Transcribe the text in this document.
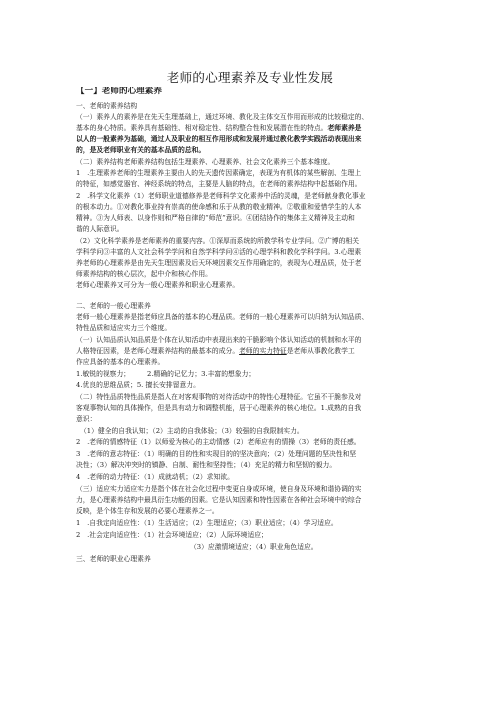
老师的心理素养及专业性发展
【一】老师的心理素养
一、老师的素养结构
（一）素养人的素养是在先天生理基础上，通过环境、教化及主体交互作用而形成的比较稳定的、
基本的身心特质。素养具有基础性、相对稳定性、结构整合性和发展潜在性的特点。老师素养是
以人的一般素养为基础，通过人及职业的相互作用形成和发展并通过教化教学实践活动表现出来
的，是及老师职业有关的基本品质的总和。
（二）素养结构老师素养结构包括生理素养、心理素养、社会文化素养三个基本维度。
1　.生理素养老师的生理素养主要由人的先天遗传因素确定，表现为有机体的某些解剖、生理上
的特征，如感觉器官、神经系统的特点，主要是人脑的特点，在老师的素养结构中起基础作用。
2　.科学文化素养（1）老师职业道德修养是老师科学文化素养中活的灵魂，是老师献身教化事业
的根本动力。①对教化事业持有崇高的使命感和乐于从教的敬业精神。②敬重和爱惜学生的人本
精神。③为人师表、以身作则和严格自律的“师范”意识。④团结协作的集体主义精神及主动和
谐的人际意识。
（2）文化科学素养是老师素养的重要内容。①深厚而系统的所教学科专业学问。②广博的相关
学科学问③丰富的人文社会科学学问和自然学科学问④活的心理学科和教化学科学问。3.心理素
养老师的心理素养是由先天生理因素及后天环境因素交互作用确定的，表现为心理品质，处于老
师素养结构的核心层次，起中介和核心作用。
老师心理素养又可分为一般心理素养和职业心理素养。
二、老师的一般心理素养
老师一般心理素养是指老师应具备的基本的心理品质。老师的一般心理素养可以归纳为认知品质、
特性品质和适应实力三个维度。
（一）认知品质认知品质是个体在认知活动中表现出来的干脆影响个体认知活动的机制和水平的
人格特征因素，是老师心理素养结构的最基本的成分。老师的实力特征是老师从事教化教学工
作应具备的基本的心理素养。
1.敏锐的视察力；　　　2.精确的记忆力；3.丰富的想象力；
4.优良的思维品质；5. 擅长安排留意力。
（二）特性品质特性品质是指人在对客观事物的对待活动中的特性心理特征。它虽不干脆参及对
客观事物认知的具体操作，但是具有动力和调整机能，居于心理素养的核心地位。1.成熟的自我
意识：
（1）健全的自我认知；（2）主动的自我体验；（3）较强的自我限制实力。
2　.老师的情感特征（1）以师爱为核心的主动情感（2）老师应有的情操（3）老师的责任感。
3　.老师的意志特征：（1）明确的目的性和实现目的的坚决意向；（2）处理问题的坚决性和坚
决性；（3）解决冲突时的镇静、自制、耐性和坚持性；（4）充足的精力和坚韧的毅力。
4　.老师的动力特征：（1）成就动机；（2）求知欲。
（三）适应实力适应实力是指个体在社会化过程中变更自身或环境，使自身及环境和谐协调的实
力，是心理素养结构中最具衍生功能的因素。它是认知因素和特性因素在各种社会环境中的综合
反映，是个体生存和发展的必要心理素养之一。
1　.自我定向适应性：（1）生活适应；（2）生理适应；（3）职业适应；（4）学习适应。
2　.社会定向适应性：（1）社会环境适应；（2）人际环境适应；
（3）应激情境适应；（4）职业角色适应。
三、老师的职业心理素养
